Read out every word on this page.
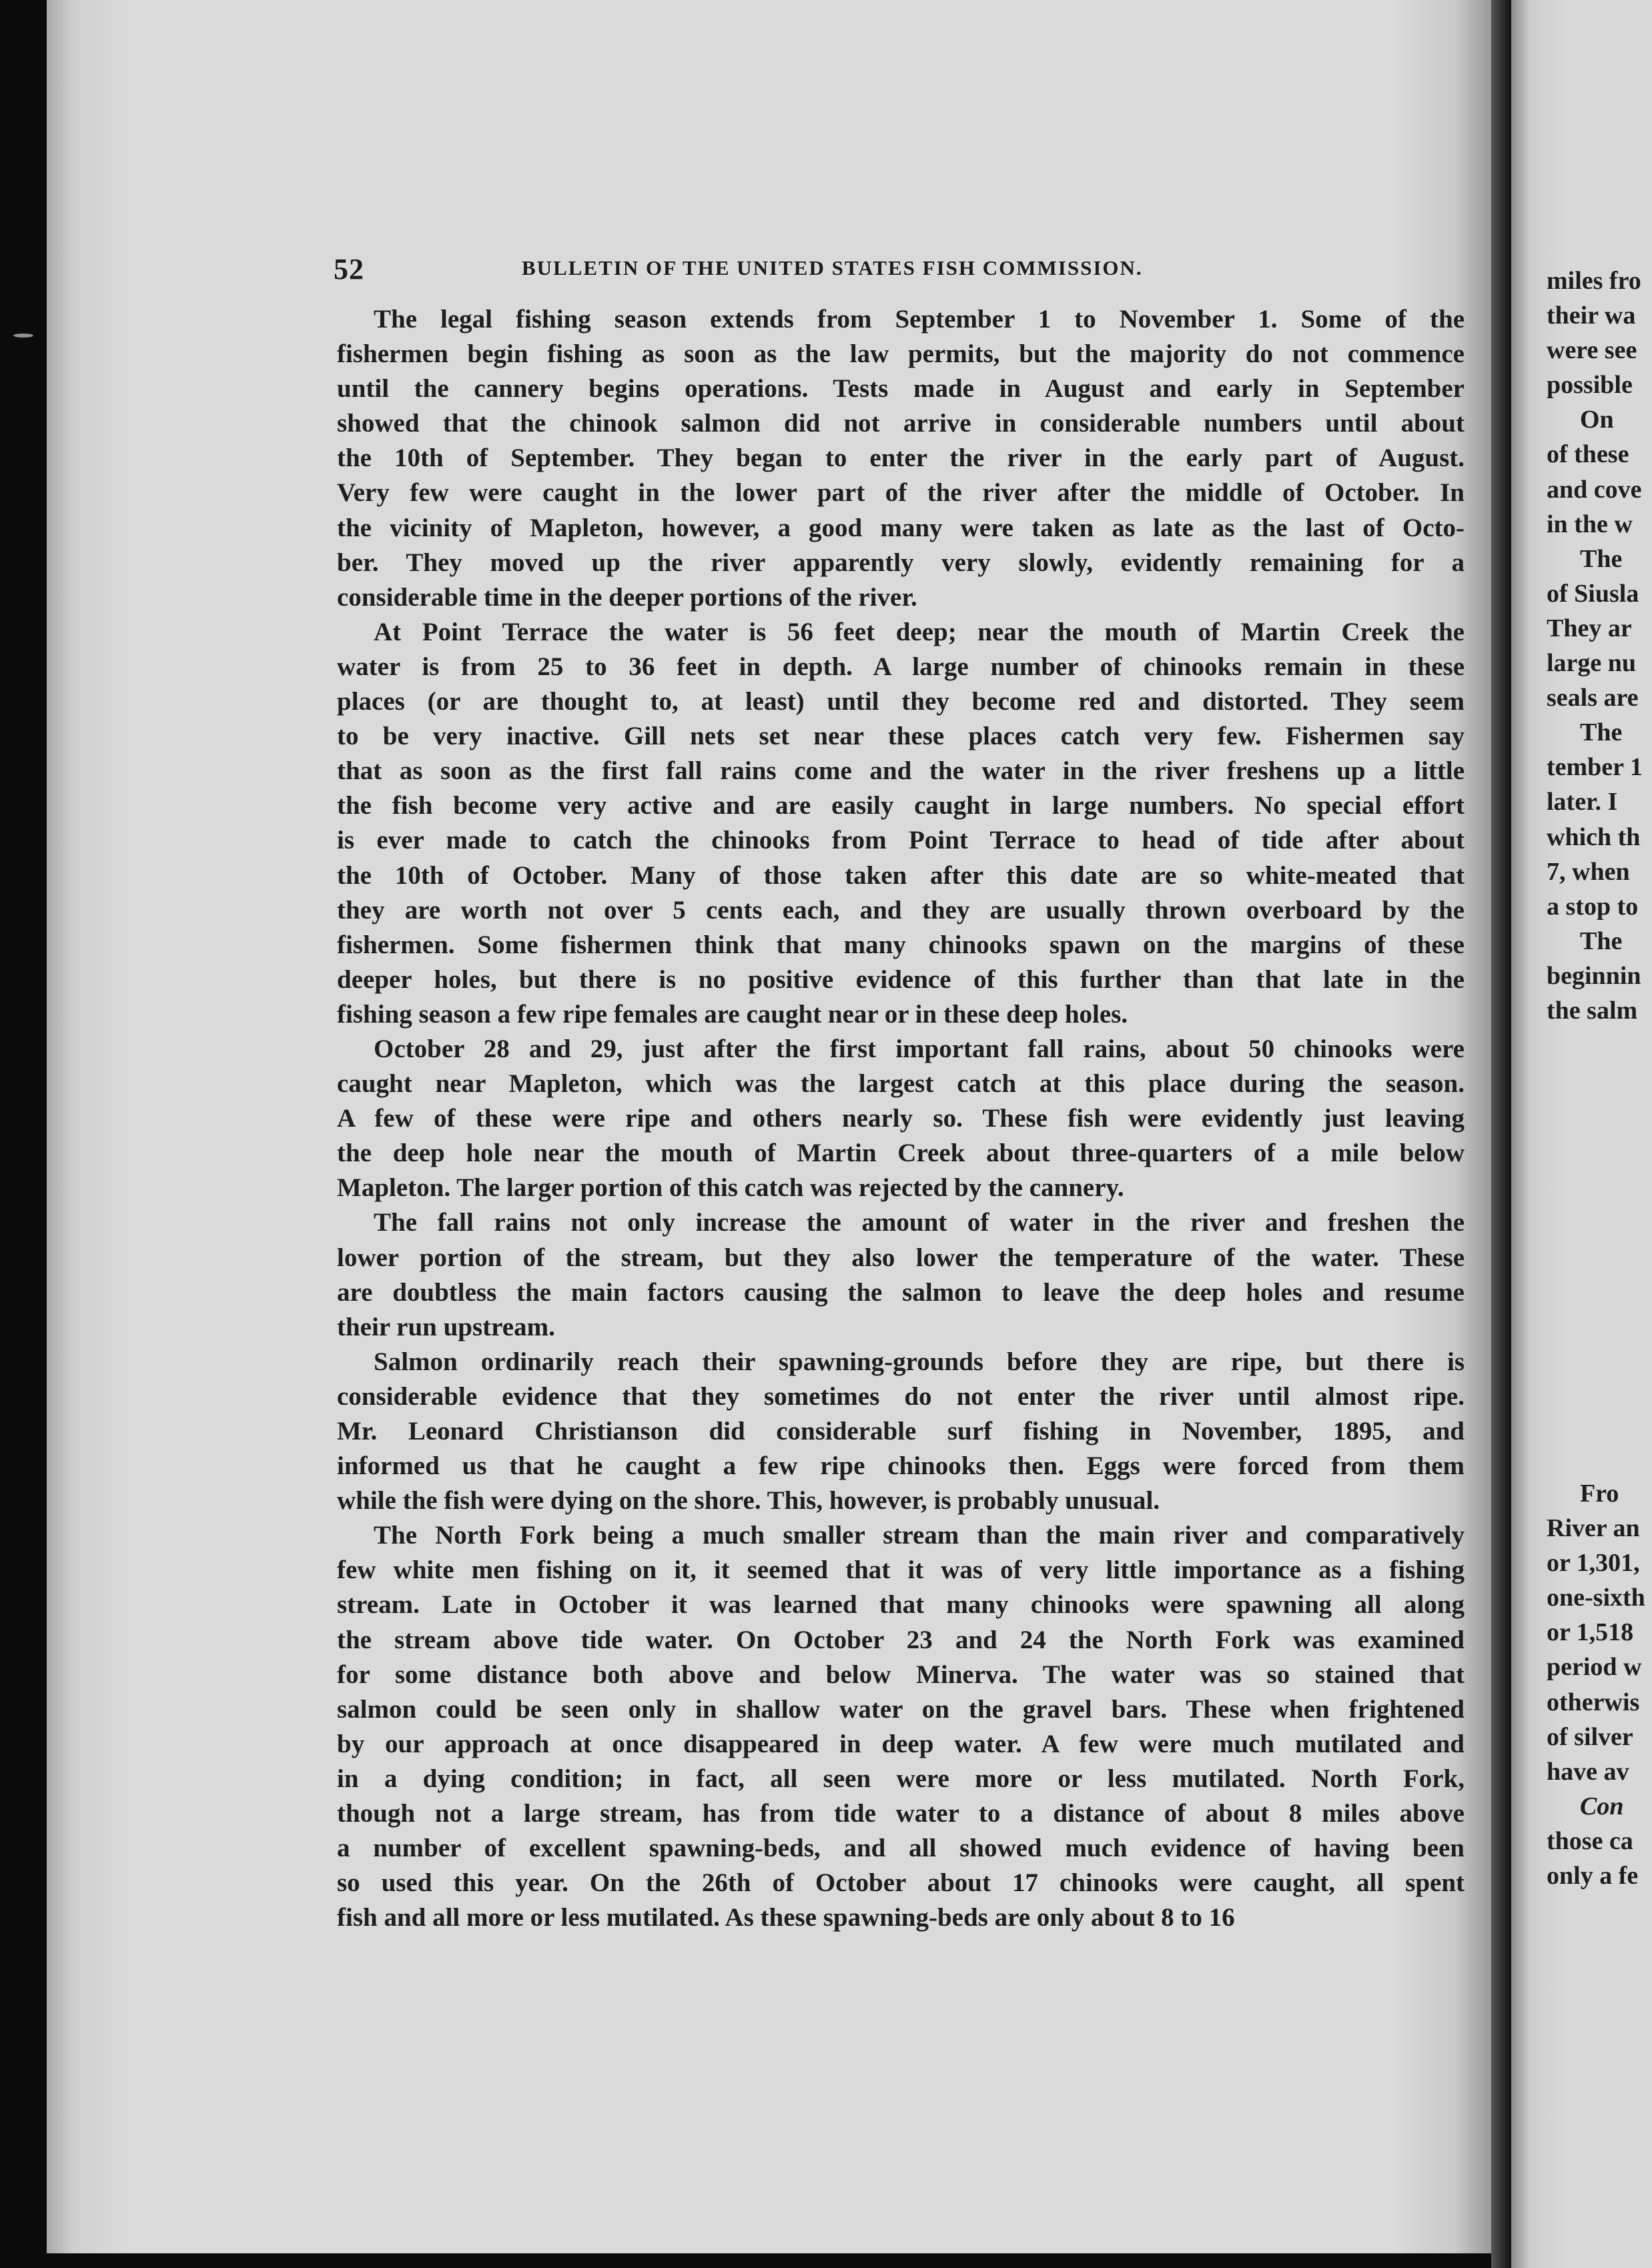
52	BULLETIN OF THE UNITED STATES FISH COMMISSION.
The legal fishing season extends from September 1 to November 1. Some of the
fishermen begin fishing as soon as the law permits, but the majority do not commence
until the cannery begins operations. Tests made in August and early in September
showed that the chinook salmon did not arrive in considerable numbers until about
the 10th of September. They began to enter the river in the early part of August.
Very few were caught in the lower part of the river after the middle of October. In
the vicinity of Mapleton, however, a good many were taken as late as the last of Octo-
ber. They moved up the river apparently very slowly, evidently remaining for a
considerable time in the deeper portions of the river.
At Point Terrace the water is 56 feet deep; near the mouth of Martin Creek the
water is from 25 to 36 feet in depth. A large number of chinooks remain in these
places (or are thought to, at least) until they become red and distorted. They seem
to be very inactive. Gill nets set near these places catch very few. Fishermen say
that as soon as the first fall rains come and the water in the river freshens up a little
the fish become very active and are easily caught in large numbers. No special effort
is ever made to catch the chinooks from Point Terrace to head of tide after about
the 10th of October. Many of those taken after this date are so white-meated that
they are worth not over 5 cents each, and they are usually thrown overboard by the
fishermen. Some fishermen think that many chinooks spawn on the margins of these
deeper holes, but there is no positive evidence of this further than that late in the
fishing season a few ripe females are caught near or in these deep holes.
October 28 and 29, just after the first important fall rains, about 50 chinooks were
caught near Mapleton, which was the largest catch at this place during the season.
A few of these were ripe and others nearly so. These fish were evidently just leaving
the deep hole near the mouth of Martin Creek about three-quarters of a mile below
Mapleton. The larger portion of this catch was rejected by the cannery.
The fall rains not only increase the amount of water in the river and freshen the
lower portion of the stream, but they also lower the temperature of the water. These
are doubtless the main factors causing the salmon to leave the deep holes and resume
their run upstream.
Salmon ordinarily reach their spawning-grounds before they are ripe, but there is
considerable evidence that they sometimes do not enter the river until almost ripe.
Mr. Leonard Christianson did considerable surf fishing in November, 1895, and
informed us that he caught a few ripe chinooks then. Eggs were forced from them
while the fish were dying on the shore. This, however, is probably unusual.
The North Fork being a much smaller stream than the main river and comparatively
few white men fishing on it, it seemed that it was of very little importance as a fishing
stream. Late in October it was learned that many chinooks were spawning all along
the stream above tide water. On October 23 and 24 the North Fork was examined
for some distance both above and below Minerva. The water was so stained that
salmon could be seen only in shallow water on the gravel bars. These when frightened
by our approach at once disappeared in deep water. A few were much mutilated and
in a dying condition; in fact, all seen were more or less mutilated. North Fork,
though not a large stream, has from tide water to a distance of about 8 miles above
a number of excellent spawning-beds, and all showed much evidence of having been
so used this year. On the 26th of October about 17 chinooks were caught, all spent
fish and all more or less mutilated. As these spawning-beds are only about 8 to 16
miles fro
their wa
were see
possible
On
of these
and cove
in the w
The
of Siusla
They ar
large nu
seals are
The
tember 1
later. I
which th
7, when
a stop to
The
beginnin
the salm
Fro
River an
or 1,301,
one-sixth
or 1,518
period w
otherwis
of silver
have av
Con
those ca
only a fe
